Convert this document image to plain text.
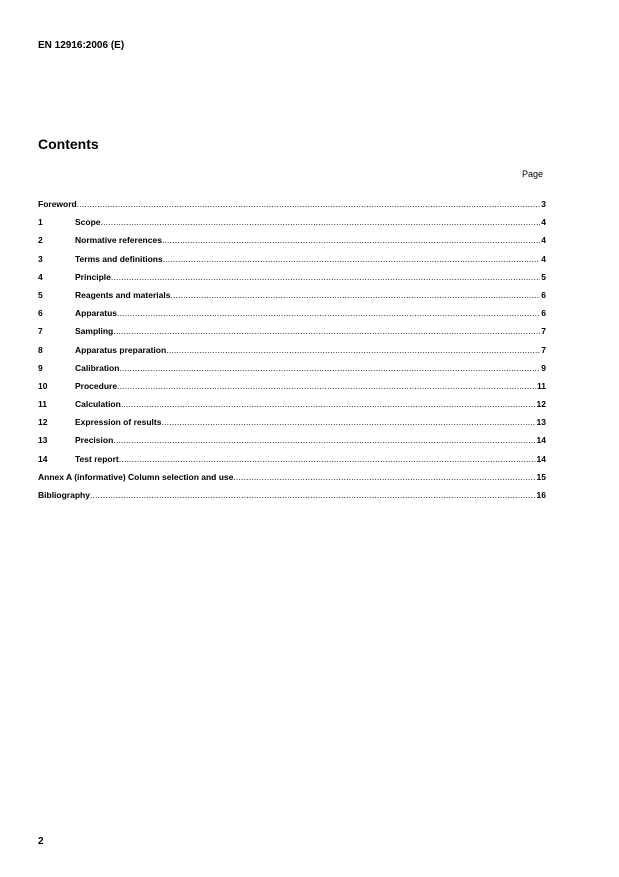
EN 12916:2006 (E)
Contents
Page
Foreword .....	3
1	Scope .....	4
2	Normative references .....	4
3	Terms and definitions .....	4
4	Principle .....	5
5	Reagents and materials .....	6
6	Apparatus .....	6
7	Sampling .....	7
8	Apparatus preparation .....	7
9	Calibration .....	9
10	Procedure .....	11
11	Calculation .....	12
12	Expression of results .....	13
13	Precision .....	14
14	Test report .....	14
Annex A (informative) Column selection and use .....	15
Bibliography .....	16
2
